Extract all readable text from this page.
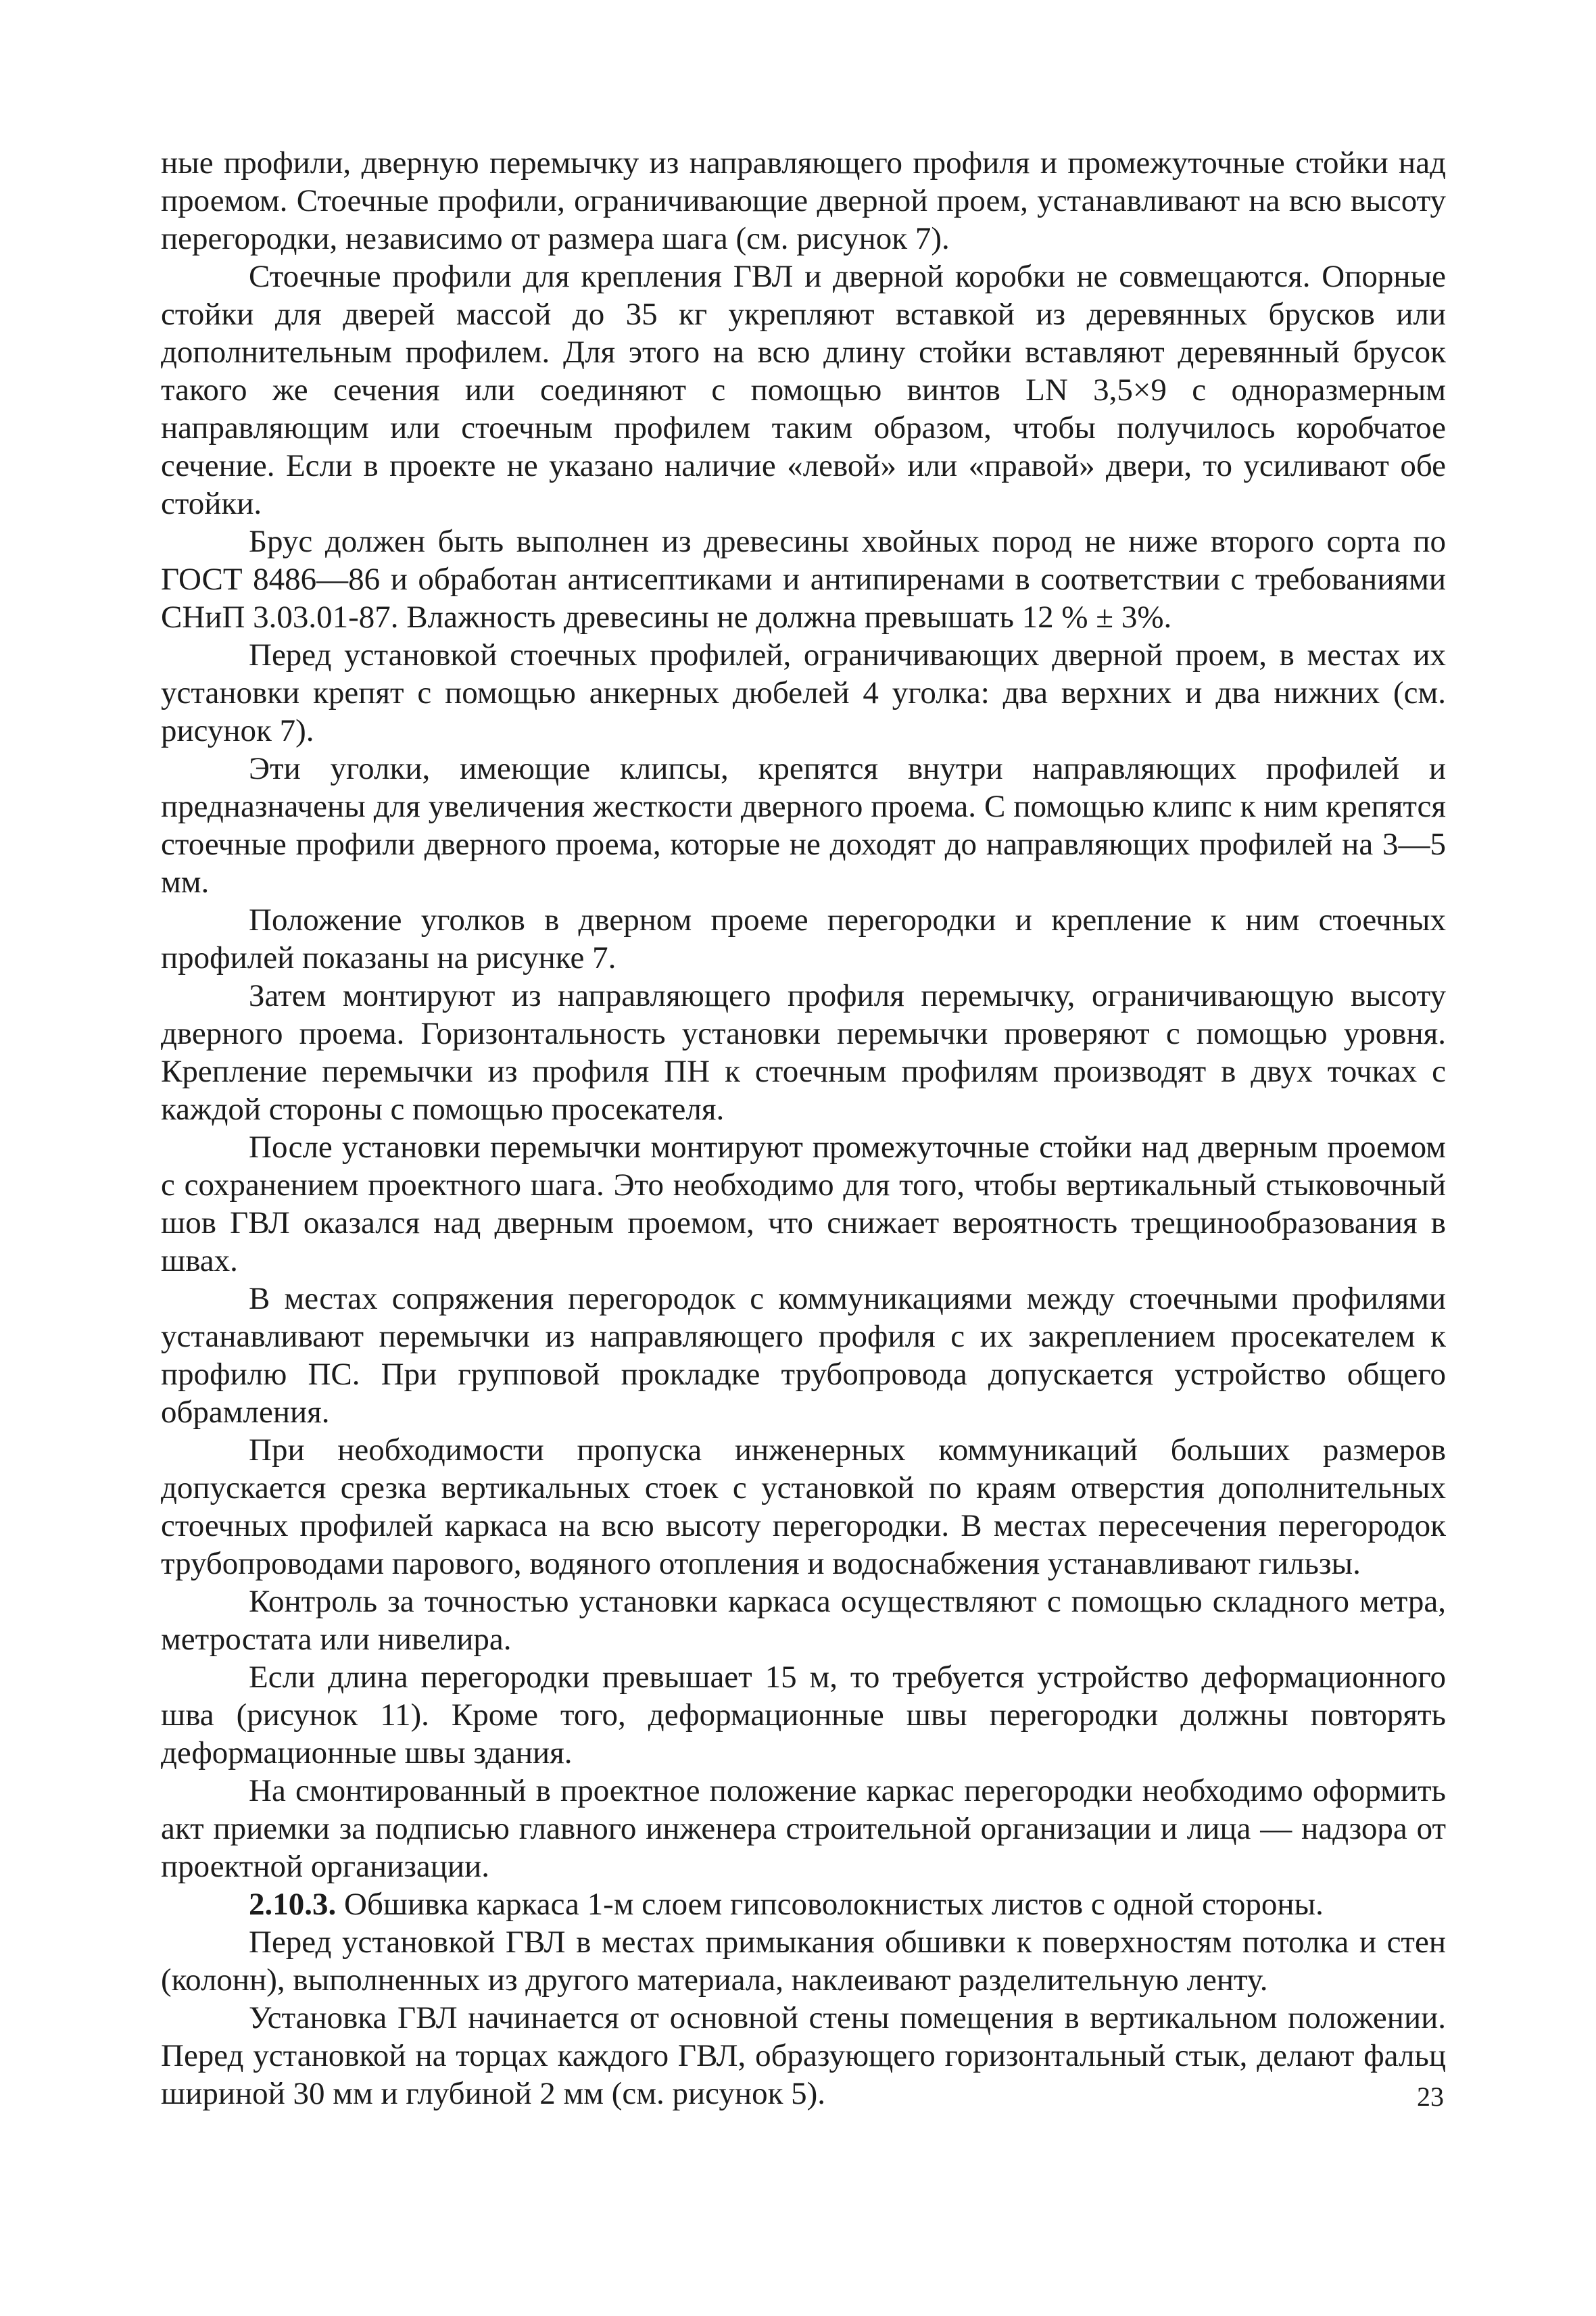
ные профили, дверную перемычку из направляющего профиля и промежуточные стойки над проемом. Стоечные профили, ограничивающие дверной проем, устанавливают на всю высоту перегородки, независимо от размера шага (см. рисунок 7).

Стоечные профили для крепления ГВЛ и дверной коробки не совмещаются. Опорные стойки для дверей массой до 35 кг укрепляют вставкой из деревянных брусков или дополнительным профилем. Для этого на всю длину стойки вставляют деревянный брусок такого же сечения или соединяют с помощью винтов LN 3,5×9 с одноразмерным направляющим или стоечным профилем таким образом, чтобы получилось коробчатое сечение. Если в проекте не указано наличие «левой» или «правой» двери, то усиливают обе стойки.

Брус должен быть выполнен из древесины хвойных пород не ниже второго сорта по ГОСТ 8486—86 и обработан антисептиками и антипиренами в соответствии с требованиями СНиП 3.03.01-87. Влажность древесины не должна превышать 12 % ± 3%.

Перед установкой стоечных профилей, ограничивающих дверной проем, в местах их установки крепят с помощью анкерных дюбелей 4 уголка: два верхних и два нижних (см. рисунок 7).

Эти уголки, имеющие клипсы, крепятся внутри направляющих профилей и предназначены для увеличения жесткости дверного проема. С помощью клипс к ним крепятся стоечные профили дверного проема, которые не доходят до направляющих профилей на 3—5 мм.

Положение уголков в дверном проеме перегородки и крепление к ним стоечных профилей показаны на рисунке 7.

Затем монтируют из направляющего профиля перемычку, ограничивающую высоту дверного проема. Горизонтальность установки перемычки проверяют с помощью уровня. Крепление перемычки из профиля ПН к стоечным профилям производят в двух точках с каждой стороны с помощью просекателя.

После установки перемычки монтируют промежуточные стойки над дверным проемом с сохранением проектного шага. Это необходимо для того, чтобы вертикальный стыковочный шов ГВЛ оказался над дверным проемом, что снижает вероятность трещинообразования в швах.

В местах сопряжения перегородок с коммуникациями между стоечными профилями устанавливают перемычки из направляющего профиля с их закреплением просекателем к профилю ПС. При групповой прокладке трубопровода допускается устройство общего обрамления.

При необходимости пропуска инженерных коммуникаций больших размеров допускается срезка вертикальных стоек с установкой по краям отверстия дополнительных стоечных профилей каркаса на всю высоту перегородки. В местах пересечения перегородок трубопроводами парового, водяного отопления и водоснабжения устанавливают гильзы.

Контроль за точностью установки каркаса осуществляют с помощью складного метра, метростата или нивелира.

Если длина перегородки превышает 15 м, то требуется устройство деформационного шва (рисунок 11). Кроме того, деформационные швы перегородки должны повторять деформационные швы здания.

На смонтированный в проектное положение каркас перегородки необходимо оформить акт приемки за подписью главного инженера строительной организации и лица — надзора от проектной организации.

2.10.3. Обшивка каркаса 1-м слоем гипсоволокнистых листов с одной стороны.

Перед установкой ГВЛ в местах примыкания обшивки к поверхностям потолка и стен (колонн), выполненных из другого материала, наклеивают разделительную ленту.

Установка ГВЛ начинается от основной стены помещения в вертикальном положении. Перед установкой на торцах каждого ГВЛ, образующего горизонтальный стык, делают фальц шириной 30 мм и глубиной 2 мм (см. рисунок 5).	23
